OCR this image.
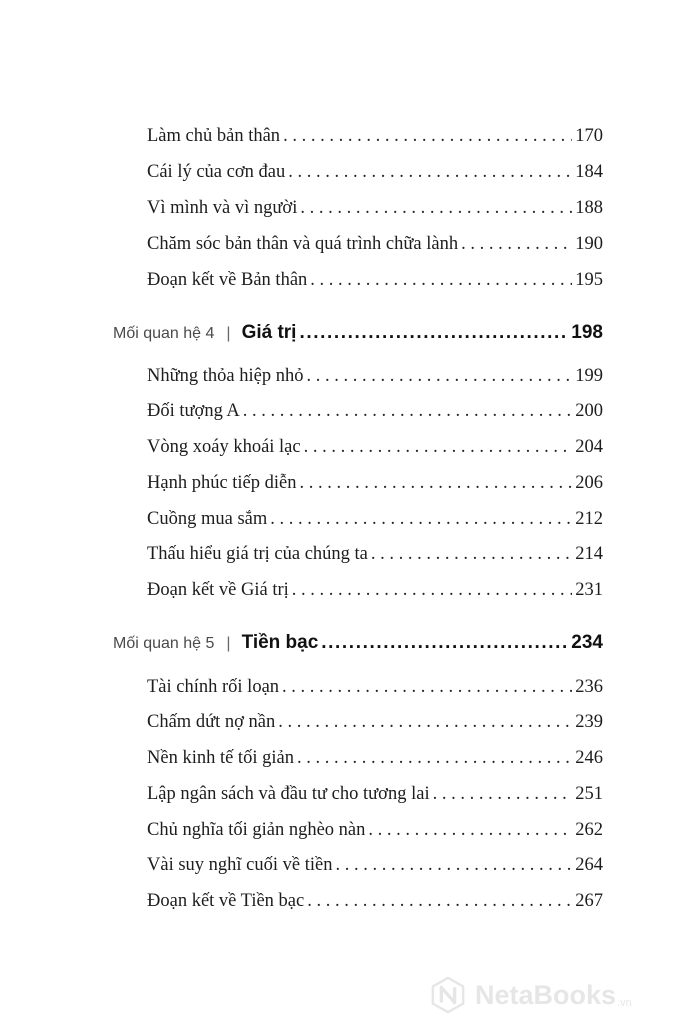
Làm chủ bản thân . . .	170
Cái lý của cơn đau . . .	184
Vì mình và vì người . . .	188
Chăm sóc bản thân và quá trình chữa lành . . .	190
Đoạn kết về Bản thân . . .	195
Mối quan hệ 4 | Giá trị .....	198
Những thỏa hiệp nhỏ . . .	199
Đối tượng A . . .	200
Vòng xoáy khoái lạc . . .	204
Hạnh phúc tiếp diễn . . .	206
Cuồng mua sắm . . .	212
Thấu hiểu giá trị của chúng ta . . .	214
Đoạn kết về Giá trị . . .	231
Mối quan hệ 5 | Tiền bạc .....	234
Tài chính rối loạn . . .	236
Chấm dứt nợ nần . . .	239
Nền kinh tế tối giản . . .	246
Lập ngân sách và đầu tư cho tương lai . . .	251
Chủ nghĩa tối giản nghèo nàn . . .	262
Vài suy nghĩ cuối về tiền . . .	264
Đoạn kết về Tiền bạc . . .	267
NetaBooks .vn
